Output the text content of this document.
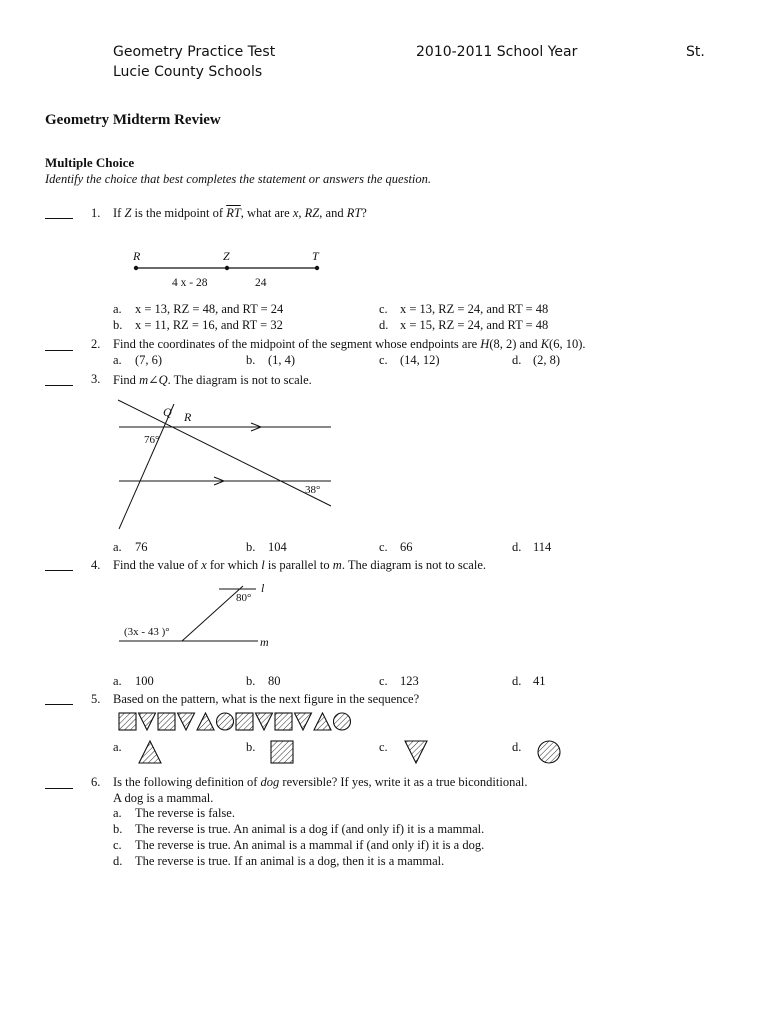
Geometry Practice Test
Lucie County Schools
2010-2011 School Year	St.
Geometry Midterm Review
Multiple Choice
Identify the choice that best completes the statement or answers the question.
1. If Z is the midpoint of $\overline{RT}$, what are x, RZ, and RT?
R	Z	T
4 x - 28	24
a. x = 13, RZ = 48, and RT = 24	c. x = 13, RZ = 24, and RT = 48
b. x = 11, RZ = 16, and RT = 32	d. x = 15, RZ = 24, and RT = 48
2. Find the coordinates of the midpoint of the segment whose endpoints are H(8, 2) and K(6, 10).
a. (7, 6)	b. (1, 4)	c. (14, 12)	d. (2, 8)
3. Find m∠Q. The diagram is not to scale.
Q R
76°
38°
a. 76	b. 104	c. 66	d. 114
4. Find the value of x for which l is parallel to m. The diagram is not to scale.
l
m
80°
(3x - 43 )°
a. 100	b. 80	c. 123	d. 41
5. Based on the pattern, what is the next figure in the sequence?
a.	b.	c.	d.
6. Is the following definition of dog reversible? If yes, write it as a true biconditional.
A dog is a mammal.
a. The reverse is false.
b. The reverse is true. An animal is a dog if (and only if) it is a mammal.
c. The reverse is true. An animal is a mammal if (and only if) it is a dog.
d. The reverse is true. If an animal is a dog, then it is a mammal.
